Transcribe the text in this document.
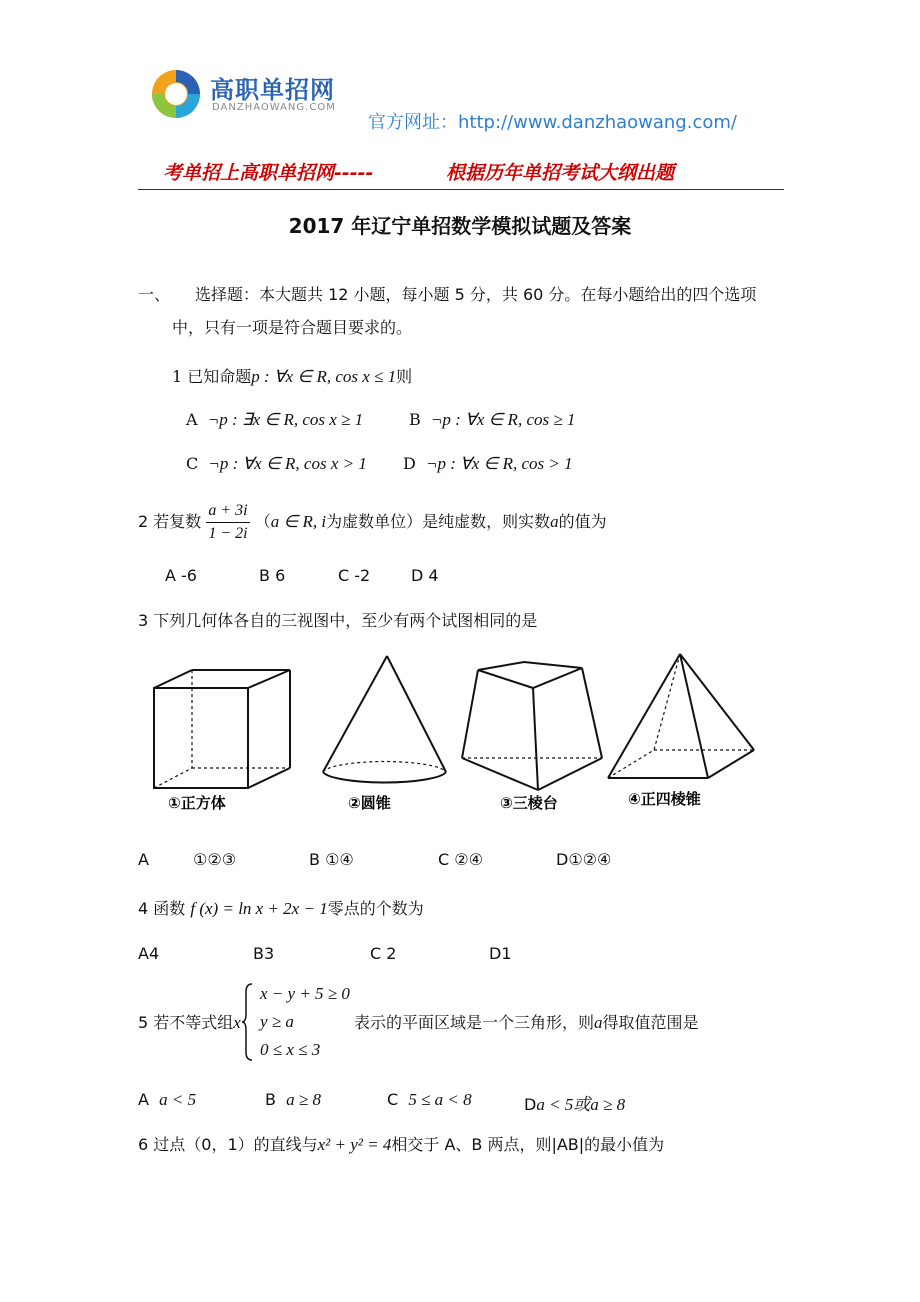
高职单招网
DANZHAOWANG.COM
官方网址：http://www.danzhaowang.com/
考单招上高职单招网-----	根据历年单招考试大纲出题
2017 年辽宁单招数学模拟试题及答案
一、 选择题：本大题共 12 小题，每小题 5 分，共 60 分。在每小题给出的四个选项
中，只有一项是符合题目要求的。
1 已知命题p : ∀x ∈ R, cos x ≤ 1则
A ¬p : ∃x ∈ R, cos x ≥ 1	B ¬p : ∀x ∈ R, cos ≥ 1
C ¬p : ∀x ∈ R, cos x > 1 D ¬p : ∀x ∈ R, cos > 1
2 若复数 $\frac{a + 3i}{1 - 2i} (a$ ∈ R, i为虚数单位）是纯虚数，则实数a的值为
A -6	B 6	C -2	D 4
3 下列几何体各自的三视图中，至少有两个试图相同的是
①正方体	②圆锥	③三棱台	④正四棱锥
A	①②③	B ①④	C ②④	D①②④
4 函数 f (x) = ln x + 2x − 1零点的个数为
A4	B3	C 2	D1
5 若不等式组x
x − y + 5 ≥ 0
y ≥ a
0 ≤ x ≤ 3
表示的平面区域是一个三角形，则a得取值范围是
A a < 5	B a ≥ 8	C 5 ≤ a < 8	Da < 5或a ≥ 8
6 过点（0，1）的直线与x² + y² = 4相交于 A、B 两点，则|AB|的最小值为
